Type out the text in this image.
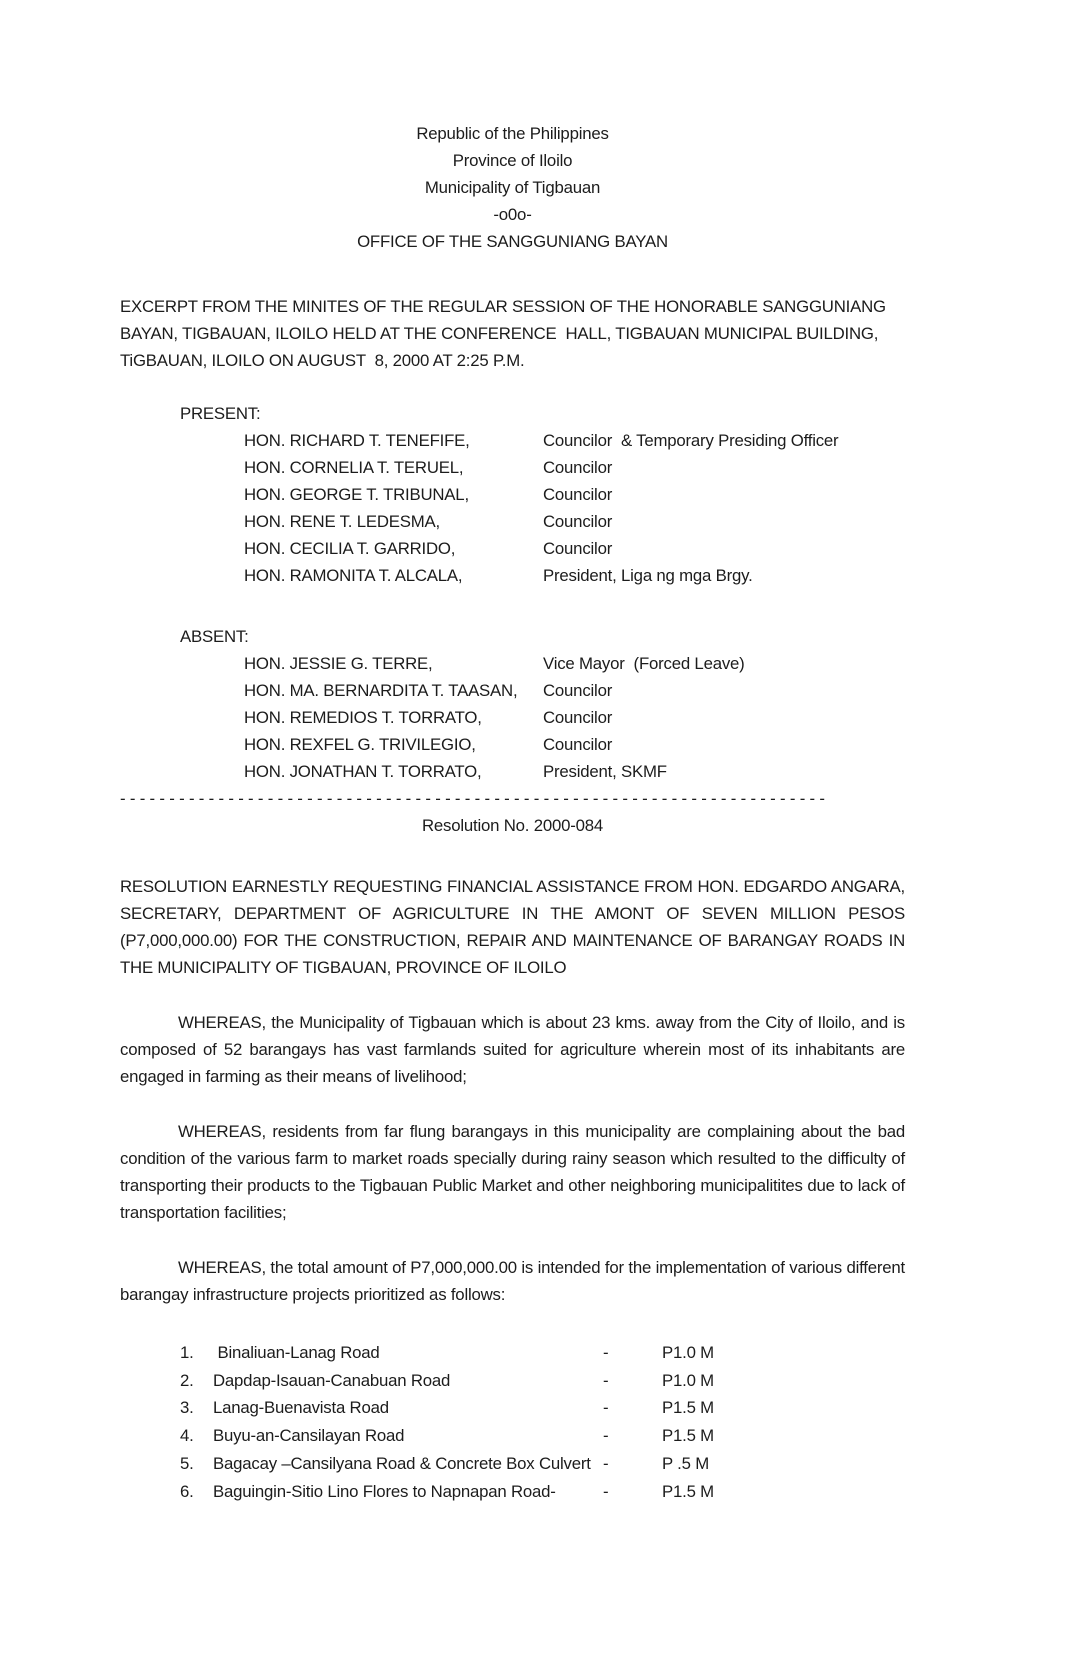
Republic of the Philippines
Province of Iloilo
Municipality of Tigbauan
-o0o-
OFFICE OF THE SANGGUNIANG BAYAN

EXCERPT FROM THE MINITES OF THE REGULAR SESSION OF THE HONORABLE SANGGUNIANG BAYAN, TIGBAUAN, ILOILO HELD AT THE CONFERENCE  HALL, TIGBAUAN MUNICIPAL BUILDING, TiGBAUAN, ILOILO ON AUGUST  8, 2000 AT 2:25 P.M.

PRESENT:
HON. RICHARD T. TENEFIFE,	Councilor  & Temporary Presiding Officer
HON. CORNELIA T. TERUEL,	Councilor
HON. GEORGE T. TRIBUNAL,	Councilor
HON. RENE T. LEDESMA,	Councilor
HON. CECILIA T. GARRIDO,	Councilor
HON. RAMONITA T. ALCALA,	President, Liga ng mga Brgy.
ABSENT:
HON. JESSIE G. TERRE,	Vice Mayor  (Forced Leave)
HON. MA. BERNARDITA T. TAASAN,	Councilor
HON. REMEDIOS T. TORRATO,	Councilor
HON. REXFEL G. TRIVILEGIO,	Councilor
HON. JONATHAN T. TORRATO,	President, SKMF
- - - - - - - - - - - - - - - - - - - - - - - - - - - - - - - - - - - - - - - - - - - - - - - - - - - - - - - - - - - - - - - - - - - - - - - -
Resolution No. 2000-084

RESOLUTION EARNESTLY REQUESTING FINANCIAL ASSISTANCE FROM HON. EDGARDO ANGARA, SECRETARY, DEPARTMENT OF AGRICULTURE IN THE AMONT OF SEVEN MILLION PESOS (P7,000,000.00) FOR THE CONSTRUCTION, REPAIR AND MAINTENANCE OF BARANGAY ROADS IN THE MUNICIPALITY OF TIGBAUAN, PROVINCE OF ILOILO

WHEREAS, the Municipality of Tigbauan which is about 23 kms. away from the City of Iloilo, and is composed of 52 barangays has vast farmlands suited for agriculture wherein most of its inhabitants are engaged in farming as their means of livelihood;

WHEREAS, residents from far flung barangays in this municipality are complaining about the bad condition of the various farm to market roads specially during rainy season which resulted to the difficulty of transporting their products to the Tigbauan Public Market and other neighboring municipalitites due to lack of transportation facilities;

WHEREAS, the total amount of P7,000,000.00 is intended for the implementation of various different barangay infrastructure projects prioritized as follows:

1.	Binaliuan-Lanag Road	-	P1.0 M
2.	Dapdap-Isauan-Canabuan Road	-	P1.0 M
3.	Lanag-Buenavista Road	-	P1.5 M
4.	Buyu-an-Cansilayan Road	-	P1.5 M
5.	Bagacay –Cansilyana Road & Concrete Box Culvert -	P .5 M
6.	Baguingin-Sitio Lino Flores to Napnapan Road-	-	P1.5 M
